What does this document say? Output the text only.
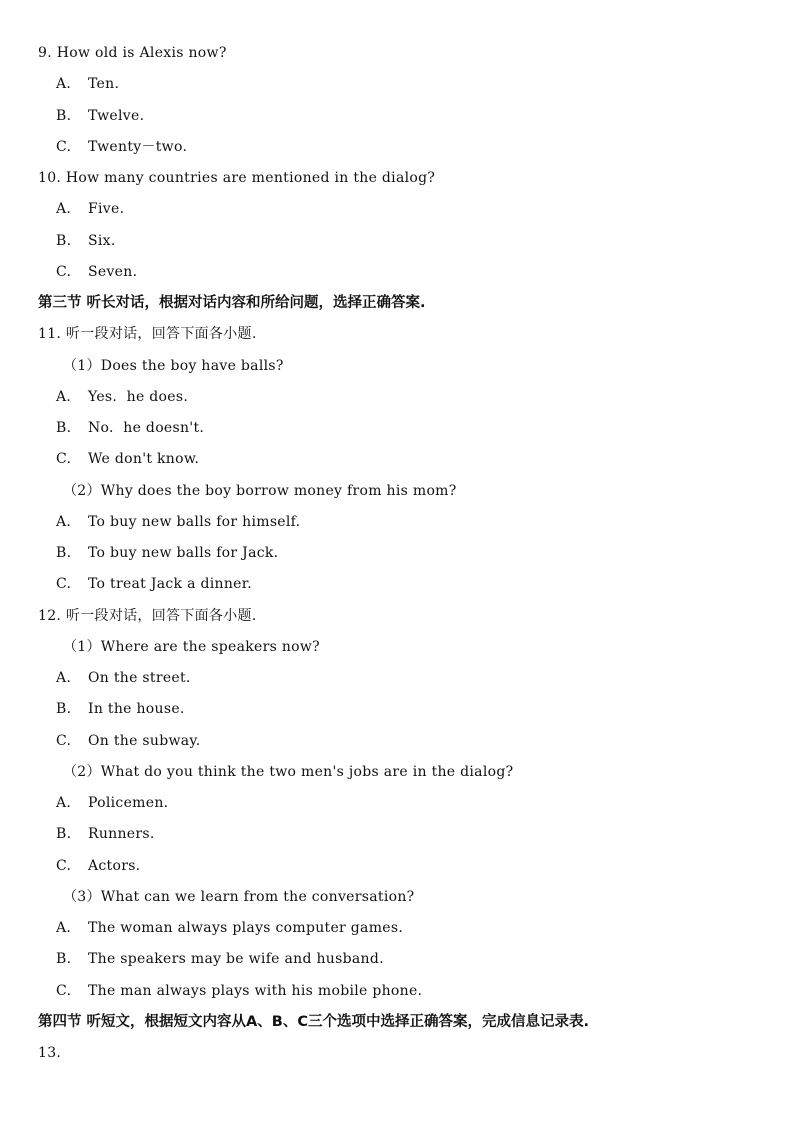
9. How old is Alexis now?
A. Ten.
B. Twelve.
C. Twenty－two.
10. How many countries are mentioned in the dialog?
A. Five.
B. Six.
C. Seven.
第三节 听长对话，根据对话内容和所给问题，选择正确答案.
11. 听一段对话，回答下面各小题.
（1）Does the boy have balls?
A. Yes.  he does.
B. No.  he doesn't.
C. We don't know.
（2）Why does the boy borrow money from his mom?
A. To buy new balls for himself.
B. To buy new balls for Jack.
C. To treat Jack a dinner.
12. 听一段对话，回答下面各小题.
（1）Where are the speakers now?
A. On the street.
B. In the house.
C. On the subway.
（2）What do you think the two men's jobs are in the dialog?
A. Policemen.
B. Runners.
C. Actors.
（3）What can we learn from the conversation?
A. The woman always plays computer games.
B. The speakers may be wife and husband.
C. The man always plays with his mobile phone.
第四节 听短文，根据短文内容从A、B、C三个选项中选择正确答案，完成信息记录表.
13.
